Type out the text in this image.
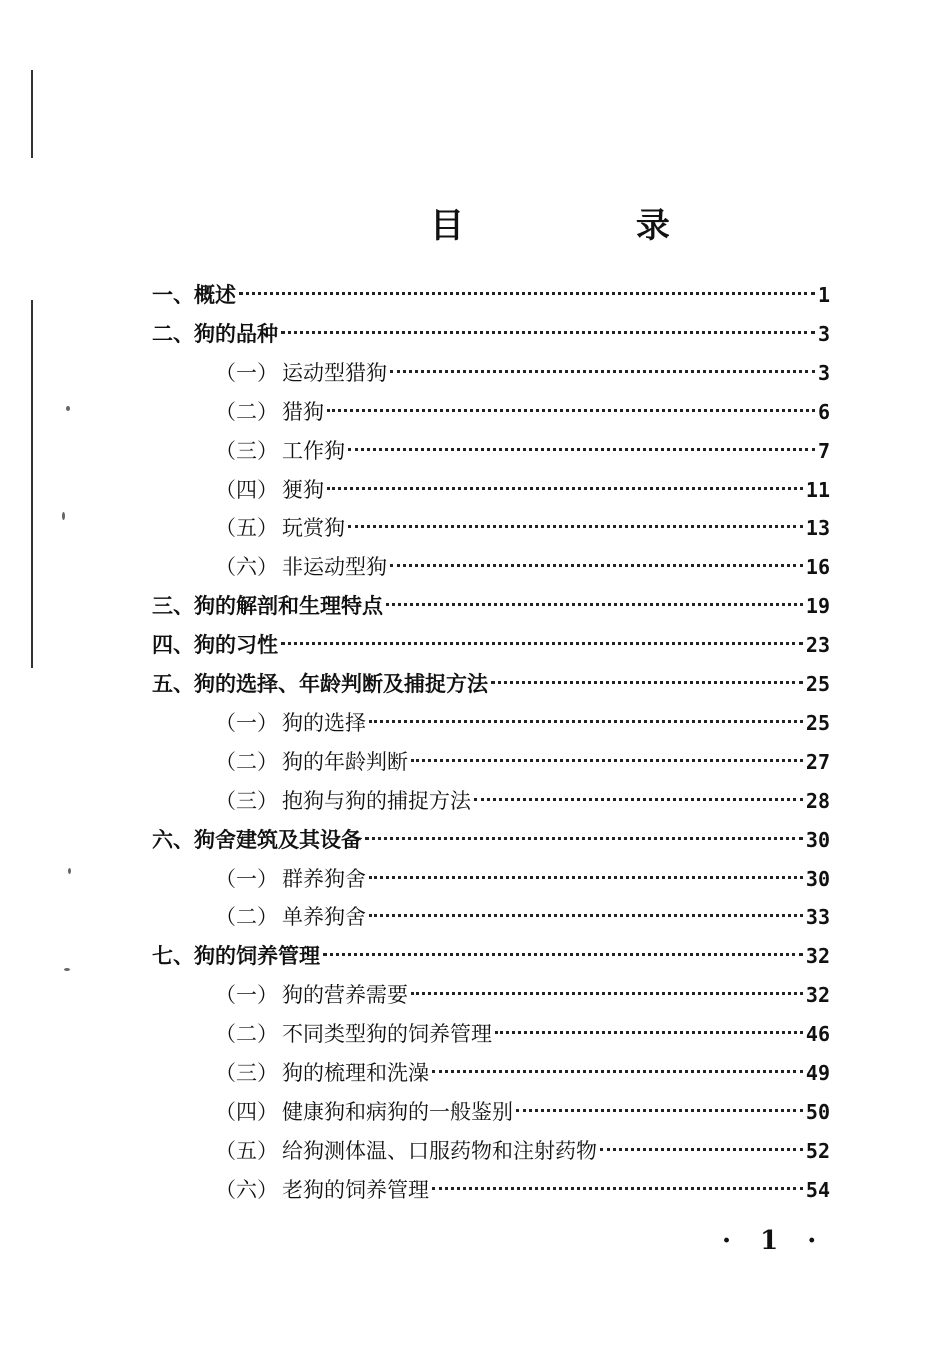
目 录
一、 概述	1
二、 狗的品种	3
（一） 运动型猎狗	3
（二） 猎狗	6
（三） 工作狗	7
（四） 㹴狗	11
（五） 玩赏狗	13
（六） 非运动型狗	16
三、 狗的解剖和生理特点	19
四、 狗的习性	23
五、 狗的选择、年龄判断及捕捉方法	25
（一） 狗的选择	25
（二） 狗的年龄判断	27
（三） 抱狗与狗的捕捉方法	28
六、 狗舍建筑及其设备	30
（一） 群养狗舍	30
（二） 单养狗舍	33
七、 狗的饲养管理	32
（一） 狗的营养需要	32
（二） 不同类型狗的饲养管理	46
（三） 狗的梳理和洗澡	49
（四） 健康狗和病狗的一般鉴别	50
（五） 给狗测体温、口服药物和注射药物	52
（六） 老狗的饲养管理	54
· 1 ·
